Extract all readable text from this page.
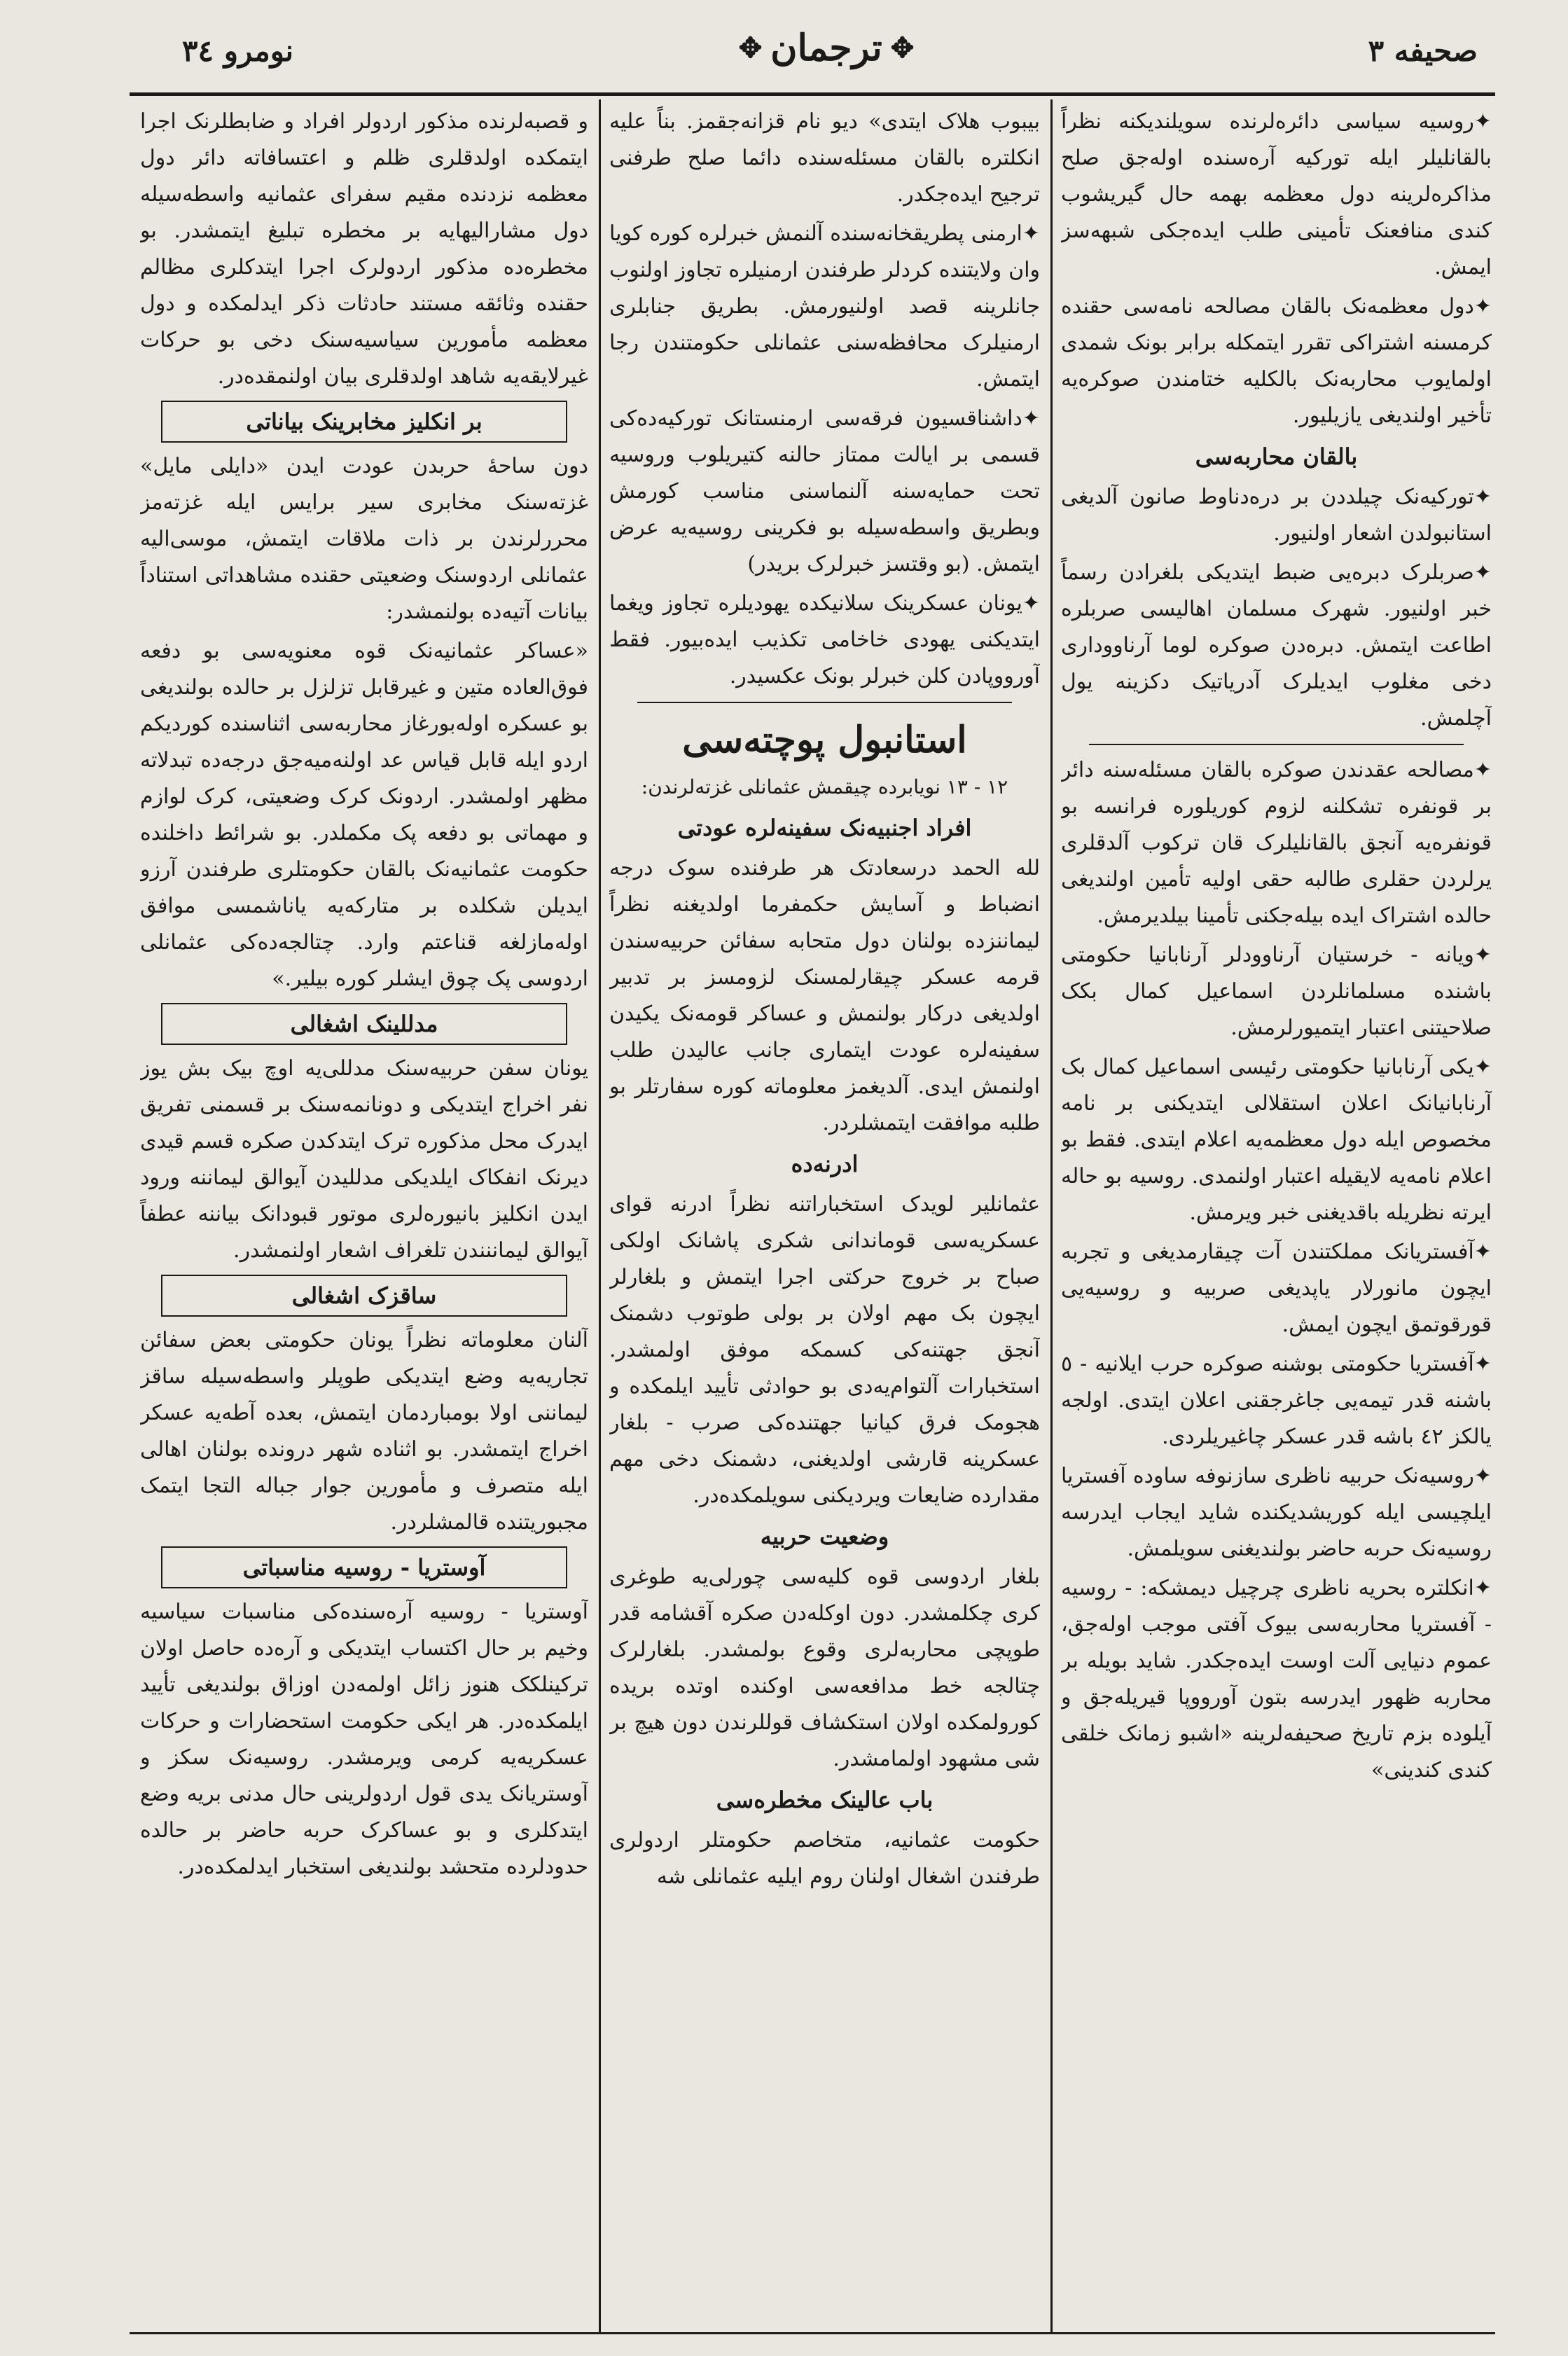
نومرو ٣٤	✥
ترجمان
✥	صحیفه ٣

✦ روسیه سیاسی دائره‌لرنده سویلندیکنه نظراً بالقانلیلر ایله تورکیه آره‌سنده اوله‌جق صلح مذاکره‌لرینه دول معظمه بهمه حال گیریشوب کندی منافعنک تأمینی طلب ایده‌جکی شبهه‌سز ایمش.

✦ دول معظمه‌نک بالقان مصالحه نامه‌سی حقنده کرمسنه اشتراکی تقرر ایتمکله برابر بونک شمدی اولمایوب محاربه‌نک بالکلیه ختامندن صوکره‌یه تأخیر اولندیغی یازیلیور.

بالقان محاربه‌سی

✦ تورکیه‌نک چیلددن بر دره‌دناوط صانون آلدیغی استانبولدن اشعار اولنیور.

✦ صربلرک دبره‌یی ضبط ایتدیکی بلغرادن رسماً خبر اولنیور. شهرک مسلمان اهالیسی صربلره اطاعت ایتمش. دبره‌دن صوکره لوما آرناووداری دخی مغلوب ایدیلرک آدریاتیک دکزینه یول آچلمش.

✦ مصالحه عقدندن صوکره بالقان مسئله‌سنه دائر بر قونفره تشکلنه لزوم کوریلوره فرانسه بو قونفره‌یه آنجق بالقانلیلرک قان ترکوب آلدقلری یرلردن حقلری طالبه حقی اولیه تأمین اولندیغی حالده اشتراک ایده بیله‌جکنی تأمینا بیلدیرمش.

✦ ویانه - خرستیان آرناوودلر آرنابانیا حکومتی باشنده مسلمانلردن اسماعیل کمال بکک صلاحیتنی اعتبار ایتمیورلرمش.

✦ یکی آرنابانیا حکومتی رئیسی اسماعیل کمال بک آرنابانیانک اعلان استقلالی ایتدیکنی بر نامه مخصوص ایله دول معظمه‌یه اعلام ایتدی. فقط بو اعلام نامه‌یه لایقیله اعتبار اولنمدی. روسیه بو حاله ایرته نظریله باقدیغنی خبر ویرمش.

✦ آفستریانک مملکتندن آت چیقارمدیغی و تجربه ایچون مانورلار یاپدیغی صربیه و روسیه‌یی قورقوتمق ایچون ایمش.

✦ آفستریا حکومتی بوشنه صوکره حرب ایلانیه - ٥ باشنه قدر تیمه‌یی جاغرجقنی اعلان ایتدی. اولجه یالکز ٤٢ باشه قدر عسکر چاغیریلردی.

✦ روسیه‌نک حربیه ناظری سازنوفه ساوده آفستریا ایلچیسی ایله کوریشدیکنده شاید ایجاب ایدرسه روسیه‌نک حربه حاضر بولندیغنی سویلمش.

✦ انکلتره بحریه ناظری چرچیل دیمشکه: - روسیه - آفستریا محاربه‌سی بیوک آفتی موجب اوله‌جق، عموم دنیایی آلت اوست ایده‌جکدر. شاید بویله بر محاربه ظهور ایدرسه بتون آورووپا قیریله‌جق و آیلوده بزم تاریخ صحیفه‌لرینه «اشبو زمانک خلقی کندی کندینی»

بیبوب هلاک ایتدی» دیو نام قزانه‌جقمز. بناً علیه انکلتره بالقان مسئله‌سنده دائما صلح طرفنی ترجیح ایده‌جکدر.

✦ ارمنی پطریقخانه‌سنده آلنمش خبرلره کوره کویا وان ولایتنده کردلر طرفندن ارمنیلره تجاوز اولنوب جانلرینه قصد اولنیورمش. بطریق جنابلری ارمنیلرک محافظه‌سنی عثمانلی حکومتندن رجا ایتمش.

✦ داشناقسیون فرقه‌سی ارمنستانک تورکیه‌ده‌کی قسمی بر ایالت ممتاز حالنه کتیریلوب وروسیه تحت حمایه‌سنه آلنماسنی مناسب کورمش وبطریق واسطه‌سیله بو فکرینی روسیه‌یه عرض ایتمش. (بو وقتسز خبرلرک بریدر)

✦ یونان عسکرینک سلانیکده یهودیلره تجاوز ویغما ایتدیکنی یهودی خاخامی تکذیب ایده‌بیور. فقط آورووپادن کلن خبرلر بونک عکسیدر.

استانبول پوچته‌سی
١٢ - ١٣ نویابرده چیقمش عثمانلی غزته‌لرندن:
افراد اجنبیه‌نک سفینه‌لره عودتی

لله الحمد درسعادتک هر طرفنده سوک درجه انضباط و آسایش حکمفرما اولدیغنه نظراً لیماننزده بولنان دول متحابه سفائن حربیه‌سندن قرمه عسکر چیقارلمسنک لزومسز بر تدبیر اولدیغی درکار بولنمش و عساکر قومه‌نک یکیدن سفینه‌لره عودت ایتماری جانب عالیدن طلب اولنمش ایدی. آلدیغمز معلوماته کوره سفارتلر بو طلبه موافقت ایتمشلردر.

ادرنه‌ده

عثمانلیر لویدک استخباراتنه نظراً ادرنه قوای عسکریه‌سی قوماندانی شکری پاشانک اولکی صباح بر خروج حرکتی اجرا ایتمش و بلغارلر ایچون بک مهم اولان بر بولی طوتوب دشمنک آنجق جهتنه‌کی کسمکه موفق اولمشدر. استخبارات آلتوام‌یه‌دی بو حوادثی تأیید ایلمکده و هجومک فرق کیانیا جهتنده‌کی صرب - بلغار عسکرینه قارشی اولدیغنی، دشمنک دخی مهم مقدارده ضایعات ویردیکنی سویلمکده‌در.

وضعیت حربیه

بلغار اردوسی قوه کلیه‌سی چورلی‌یه طوغری کری چکلمشدر. دون اوکله‌دن صکره آقشامه قدر طوپچی محاربه‌لری وقوع بولمشدر. بلغارلرک چتالجه خط مدافعه‌سی اوکنده اوتده بریده کورولمکده اولان استکشاف قوللرندن دون هیچ بر شی مشهود اولمامشدر.

باب عالینک مخطره‌سی

حکومت عثمانیه، متخاصم حکومتلر اردولری طرفندن اشغال اولنان روم ایلیه عثمانلی شه‌

و قصبه‌لرنده مذکور اردولر افراد و ضابطلرنک اجرا ایتمکده اولدقلری ظلم و اعتسافاته دائر دول معظمه نزدنده مقیم سفرای عثمانیه واسطه‌سیله دول مشارالیهایه بر مخطره تبلیغ ایتمشدر. بو مخطره‌ده مذکور اردولرک اجرا ایتدکلری مظالم حقنده وثائقه مستند حادثات ذکر ایدلمکده و دول معظمه مأمورین سیاسیه‌سنک دخی بو حرکات غیرلایقه‌یه شاهد اولدقلری بیان اولنمقده‌در.

بر انکلیز مخابرینک بیاناتی

دون ساحهٔ حربدن عودت ایدن «دایلی مایل» غزته‌سنک مخابری سیر برایس ایله غزته‌مز محررلرندن بر ذات ملاقات ایتمش، موسی‌الیه عثمانلی اردوسنک وضعیتی حقنده مشاهداتی استناداً بیانات آتیه‌ده بولنمشدر:

«عساکر عثمانیه‌نک قوه معنویه‌سی بو دفعه فوق‌العاده متین و غیرقابل تزلزل بر حالده بولندیغی بو عسکره اوله‌بورغاز محاربه‌سی اثناسنده کوردیکم اردو ایله قابل قیاس عد اولنه‌میه‌جق درجه‌ده تبدلاته مظهر اولمشدر. اردونک کرک وضعیتی، کرک لوازم و مهماتی بو دفعه پک مکملدر. بو شرائط داخلنده حکومت عثمانیه‌نک بالقان حکومتلری طرفندن آرزو ایدیلن شکلده بر متارکه‌یه یاناشمسی موافق اوله‌مازلغه قناعتم وارد. چتالجه‌ده‌کی عثمانلی اردوسی پک چوق ایشلر کوره بیلیر.»

مدللینک اشغالی

یونان سفن حربیه‌سنک مدللی‌یه اوچ بیک بش یوز نفر اخراج ایتدیکی و دونانمه‌سنک بر قسمنی تفریق ایدرک محل مذکوره ترک ایتدکدن صکره قسم قیدی دیرنک انفکاک ایلدیکی مدللیدن آیوالق لیماننه ورود ایدن انکلیز بانیوره‌لری موتور قبودانک بیاننه عطفاً آیوالق لیماننندن تلغراف اشعار اولنمشدر.

ساقزک اشغالی

آلنان معلوماته نظراً یونان حکومتی بعض سفائن تجاریه‌یه وضع ایتدیکی طوپلر واسطه‌سیله ساقز لیماننی اولا بومباردمان ایتمش، بعده آطه‌یه عسکر اخراج ایتمشدر. بو اثناده شهر درونده بولنان اهالی ایله متصرف و مأمورین جوار جباله التجا ایتمک مجبوریتنده قالمشلردر.

آوستریا - روسیه مناسباتی

آوستریا - روسیه آره‌سنده‌کی مناسبات سیاسیه وخیم بر حال اکتساب ایتدیکی و آره‌ده حاصل اولان ترکینلکک هنوز زائل اولمه‌دن اوزاق بولندیغی تأیید ایلمکده‌در. هر ایکی حکومت استحضارات و حرکات عسکریه‌یه کرمی ویرمشدر. روسیه‌نک سکز و آوستریانک یدی قول اردولرینی حال مدنی بریه وضع ایتدکلری و بو عساکرک حربه حاضر بر حالده حدودلرده متحشد بولندیغی استخبار ایدلمکده‌در.
